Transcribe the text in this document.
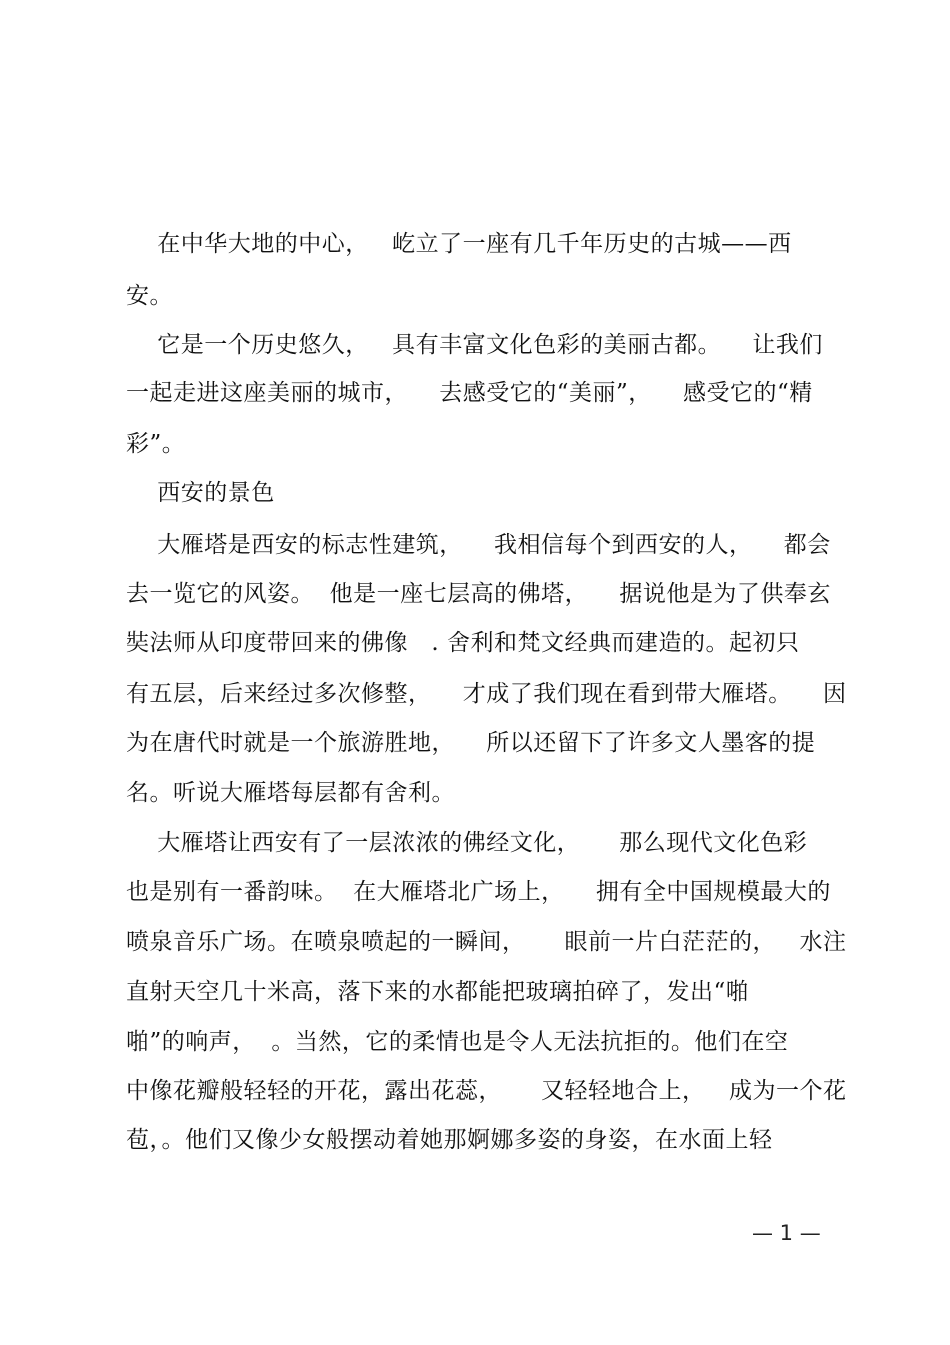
在中华大地的中心，   屹立了一座有几千年历史的古城——西
安。
它是一个历史悠久，   具有丰富文化色彩的美丽古都。    让我们
一起走进这座美丽的城市，    去感受它的“美丽”，    感受它的“精
彩”。
西安的景色
大雁塔是西安的标志性建筑，    我相信每个到西安的人，    都会
去一览它的风姿。  他是一座七层高的佛塔，    据说他是为了供奉玄
奘法师从印度带回来的佛像   . 舍利和梵文经典而建造的。起初只
有五层，后来经过多次修整，    才成了我们现在看到带大雁塔。    因
为在唐代时就是一个旅游胜地，    所以还留下了许多文人墨客的提
名。听说大雁塔每层都有舍利。
大雁塔让西安有了一层浓浓的佛经文化，     那么现代文化色彩
也是别有一番韵味。  在大雁塔北广场上，    拥有全中国规模最大的
喷泉音乐广场。在喷泉喷起的一瞬间，     眼前一片白茫茫的，   水注
直射天空几十米高，落下来的水都能把玻璃拍碎了，发出“啪
啪”的响声，  。当然，它的柔情也是令人无法抗拒的。他们在空
中像花瓣般轻轻的开花，露出花蕊，     又轻轻地合上，   成为一个花
苞，。他们又像少女般摆动着她那婀娜多姿的身姿，在水面上轻
— 1 —
